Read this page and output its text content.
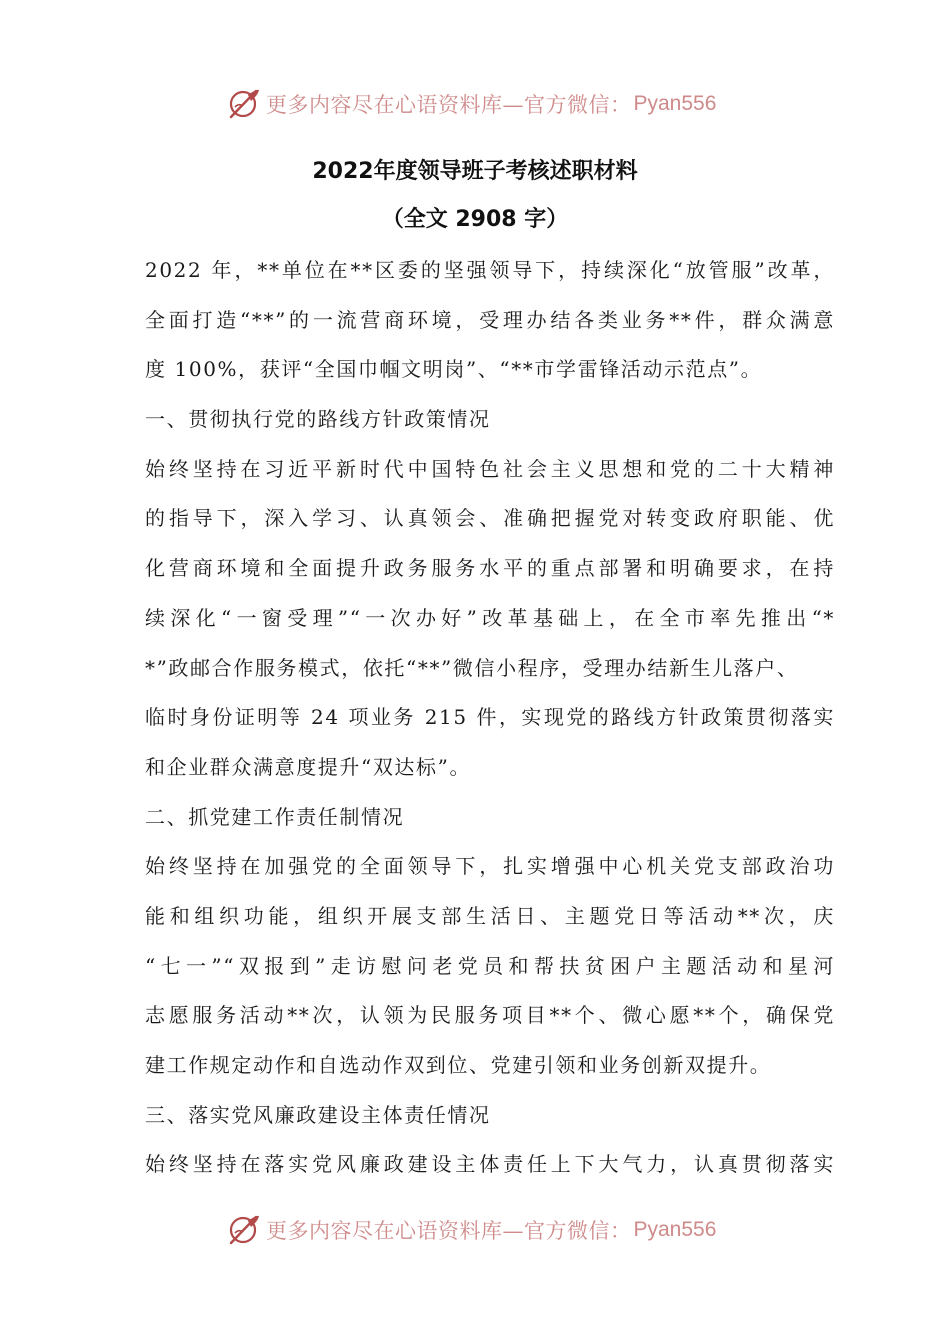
更多内容尽在心语资料库—官方微信： Pyan556
2022年度领导班子考核述职材料
（全文 2908 字）
2022 年，**单位在**区委的坚强领导下，持续深化“放管服”改革，
全面打造“**”的一流营商环境，受理办结各类业务**件，群众满意
度 100%，获评“全国巾帼文明岗”、“**市学雷锋活动示范点”。
一、贯彻执行党的路线方针政策情况
始终坚持在习近平新时代中国特色社会主义思想和党的二十大精神
的指导下，深入学习、认真领会、准确把握党对转变政府职能、优
化营商环境和全面提升政务服务水平的重点部署和明确要求，在持
续深化“一窗受理”“一次办好”改革基础上，在全市率先推出“*
*”政邮合作服务模式，依托“**”微信小程序，受理办结新生儿落户、
临时身份证明等 24 项业务 215 件，实现党的路线方针政策贯彻落实
和企业群众满意度提升“双达标”。
二、抓党建工作责任制情况
始终坚持在加强党的全面领导下，扎实增强中心机关党支部政治功
能和组织功能，组织开展支部生活日、主题党日等活动**次，庆
“七一”“双报到”走访慰问老党员和帮扶贫困户主题活动和星河
志愿服务活动**次，认领为民服务项目**个、微心愿**个，确保党
建工作规定动作和自选动作双到位、党建引领和业务创新双提升。
三、落实党风廉政建设主体责任情况
始终坚持在落实党风廉政建设主体责任上下大气力，认真贯彻落实
更多内容尽在心语资料库—官方微信： Pyan556
